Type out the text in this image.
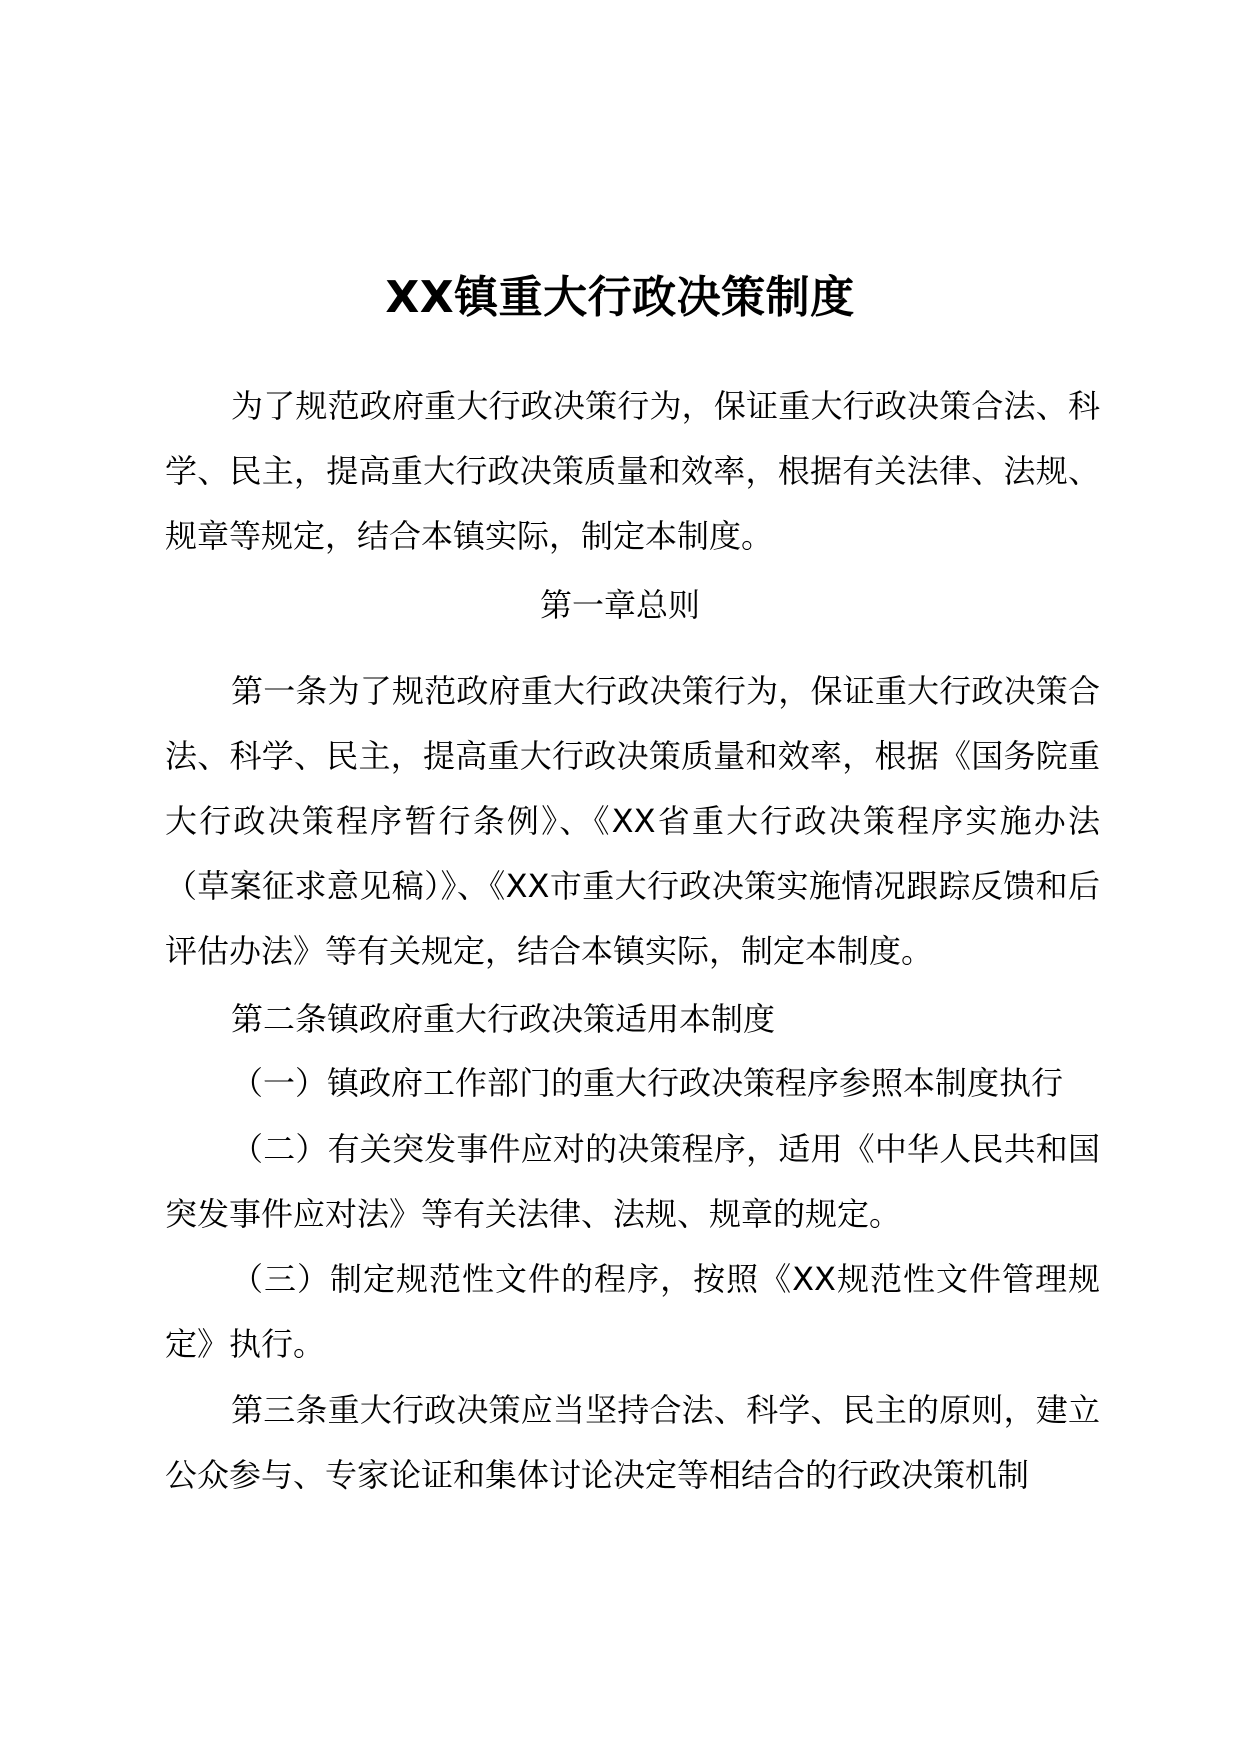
XX镇重大行政决策制度

为了规范政府重大行政决策行为，保证重大行政决策合法、科学、民主，提高重大行政决策质量和效率，根据有关法律、法规、规章等规定，结合本镇实际，制定本制度。

第一章总则

第一条为了规范政府重大行政决策行为，保证重大行政决策合法、科学、民主，提高重大行政决策质量和效率，根据《国务院重大行政决策程序暂行条例》、《XX省重大行政决策程序实施办法（草案征求意见稿）》、《XX市重大行政决策实施情况跟踪反馈和后评估办法》等有关规定，结合本镇实际，制定本制度。

第二条镇政府重大行政决策适用本制度

（一）镇政府工作部门的重大行政决策程序参照本制度执行

（二）有关突发事件应对的决策程序，适用《中华人民共和国突发事件应对法》等有关法律、法规、规章的规定。

（三）制定规范性文件的程序，按照《XX规范性文件管理规定》执行。

第三条重大行政决策应当坚持合法、科学、民主的原则，建立公众参与、专家论证和集体讨论决定等相结合的行政决策机制
